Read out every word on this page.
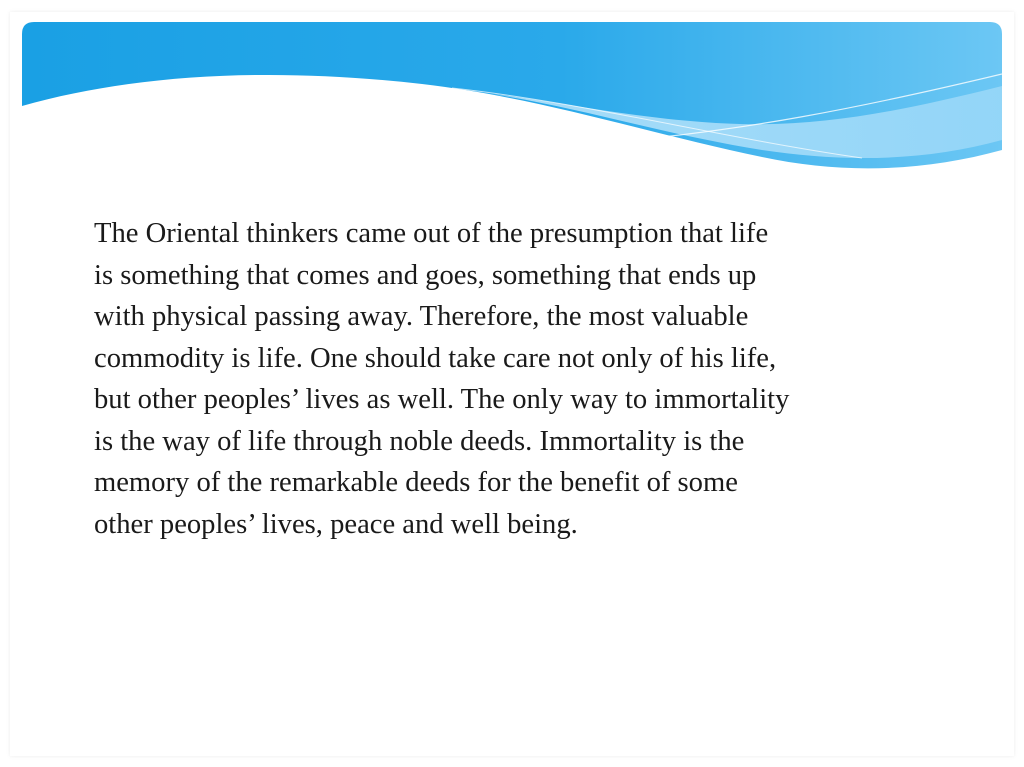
The Oriental thinkers came out of the presumption that life
is something that comes and goes, something that ends up
with physical passing away. Therefore, the most valuable
commodity is life. One should take care not only of his life,
but other peoples’ lives as well. The only way to immortality
is the way of life through noble deeds. Immortality is the
memory of the remarkable deeds for the benefit of some
other peoples’ lives, peace and well being.
